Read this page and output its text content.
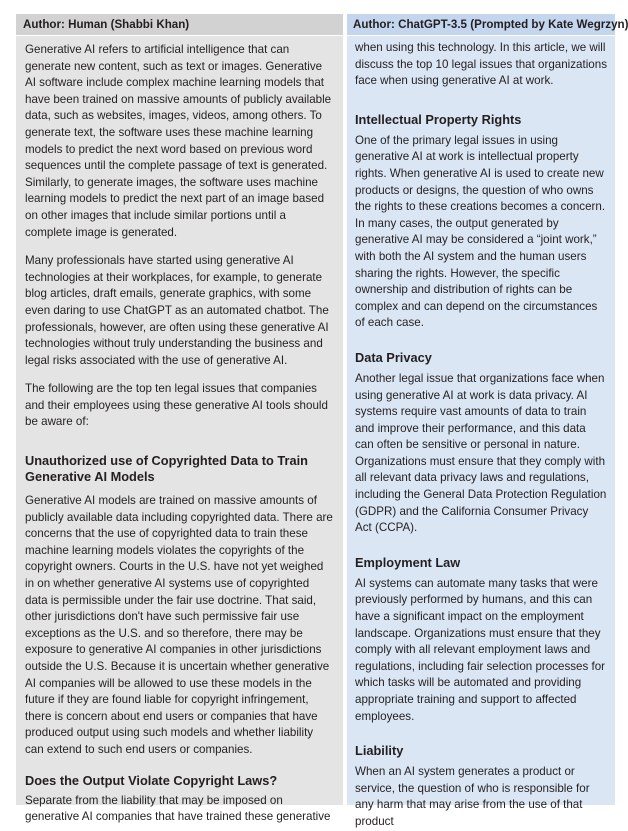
Author: Human (Shabbi Khan)

Generative AI refers to artificial intelligence that can generate new content, such as text or images. Generative AI software include complex machine learning models that have been trained on massive amounts of publicly available data, such as websites, images, videos, among others. To generate text, the software uses these machine learning models to predict the next word based on previous word sequences until the complete passage of text is generated. Similarly, to generate images, the software uses machine learning models to predict the next part of an image based on other images that include similar portions until a complete image is generated.

Many professionals have started using generative AI technologies at their workplaces, for example, to generate blog articles, draft emails, generate graphics, with some even daring to use ChatGPT as an automated chatbot. The professionals, however, are often using these generative AI technologies without truly understanding the business and legal risks associated with the use of generative AI.

The following are the top ten legal issues that companies and their employees using these generative AI tools should be aware of:

Unauthorized use of Copyrighted Data to Train Generative AI Models

Generative AI models are trained on massive amounts of publicly available data including copyrighted data. There are concerns that the use of copyrighted data to train these machine learning models violates the copyrights of the copyright owners. Courts in the U.S. have not yet weighed in on whether generative AI systems use of copyrighted data is permissible under the fair use doctrine. That said, other jurisdictions don't have such permissive fair use exceptions as the U.S. and so therefore, there may be exposure to generative AI companies in other jurisdictions outside the U.S. Because it is uncertain whether generative AI companies will be allowed to use these models in the future if they are found liable for copyright infringement, there is concern about end users or companies that have produced output using such models and whether liability can extend to such end users or companies.

Does the Output Violate Copyright Laws?

Separate from the liability that may be imposed on generative AI companies that have trained these generative

Author: ChatGPT-3.5 (Prompted by Kate Wegrzyn)

when using this technology. In this article, we will discuss the top 10 legal issues that organizations face when using generative AI at work.

Intellectual Property Rights

One of the primary legal issues in using generative AI at work is intellectual property rights. When generative AI is used to create new products or designs, the question of who owns the rights to these creations becomes a concern. In many cases, the output generated by generative AI may be considered a “joint work,” with both the AI system and the human users sharing the rights. However, the specific ownership and distribution of rights can be complex and can depend on the circumstances of each case.

Data Privacy

Another legal issue that organizations face when using generative AI at work is data privacy. AI systems require vast amounts of data to train and improve their performance, and this data can often be sensitive or personal in nature. Organizations must ensure that they comply with all relevant data privacy laws and regulations, including the General Data Protection Regulation (GDPR) and the California Consumer Privacy Act (CCPA).

Employment Law

AI systems can automate many tasks that were previously performed by humans, and this can have a significant impact on the employment landscape. Organizations must ensure that they comply with all relevant employment laws and regulations, including fair selection processes for which tasks will be automated and providing appropriate training and support to affected employees.

Liability

When an AI system generates a product or service, the question of who is responsible for any harm that may arise from the use of that product
